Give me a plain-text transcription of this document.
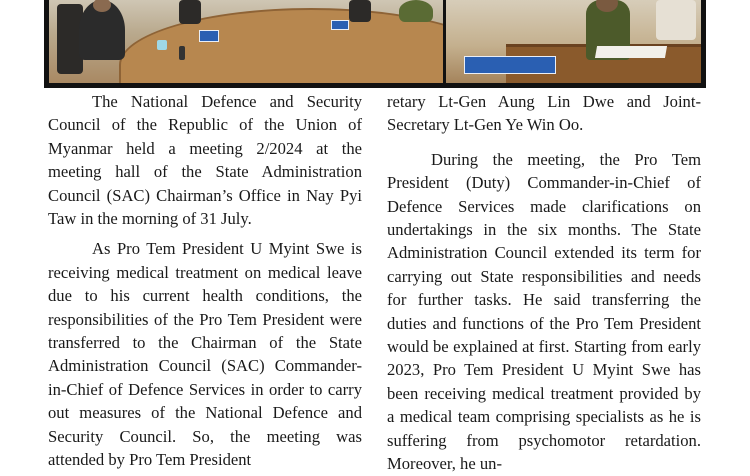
The National Defence and Security Council of the Republic of the Union of Myanmar held a meeting 2/2024 at the meeting hall of the State Administration Council (SAC) Chairman’s Office in Nay Pyi Taw in the morning of 31 July.

As Pro Tem President U Myint Swe is receiving medical treatment on medical leave due to his current health conditions, the responsibilities of the Pro Tem President were transferred to the Chairman of the State Administration Council (SAC) Commander-in-Chief of Defence Services in order to carry out measures of the National Defence and Security Council. So, the meeting was attended by Pro Tem President

retary Lt-Gen Aung Lin Dwe and Joint-Secretary Lt-Gen Ye Win Oo.

During the meeting, the Pro Tem President (Duty) Commander-in-Chief of Defence Services made clarifications on undertakings in the six months. The State Administration Council extended its term for carrying out State responsibilities and needs for further tasks. He said transferring the duties and functions of the Pro Tem President would be explained at first. Starting from early 2023, Pro Tem President U Myint Swe has been receiving medical treatment provided by a medical team comprising specialists as he is suffering from psychomotor retardation. Moreover, he un-
